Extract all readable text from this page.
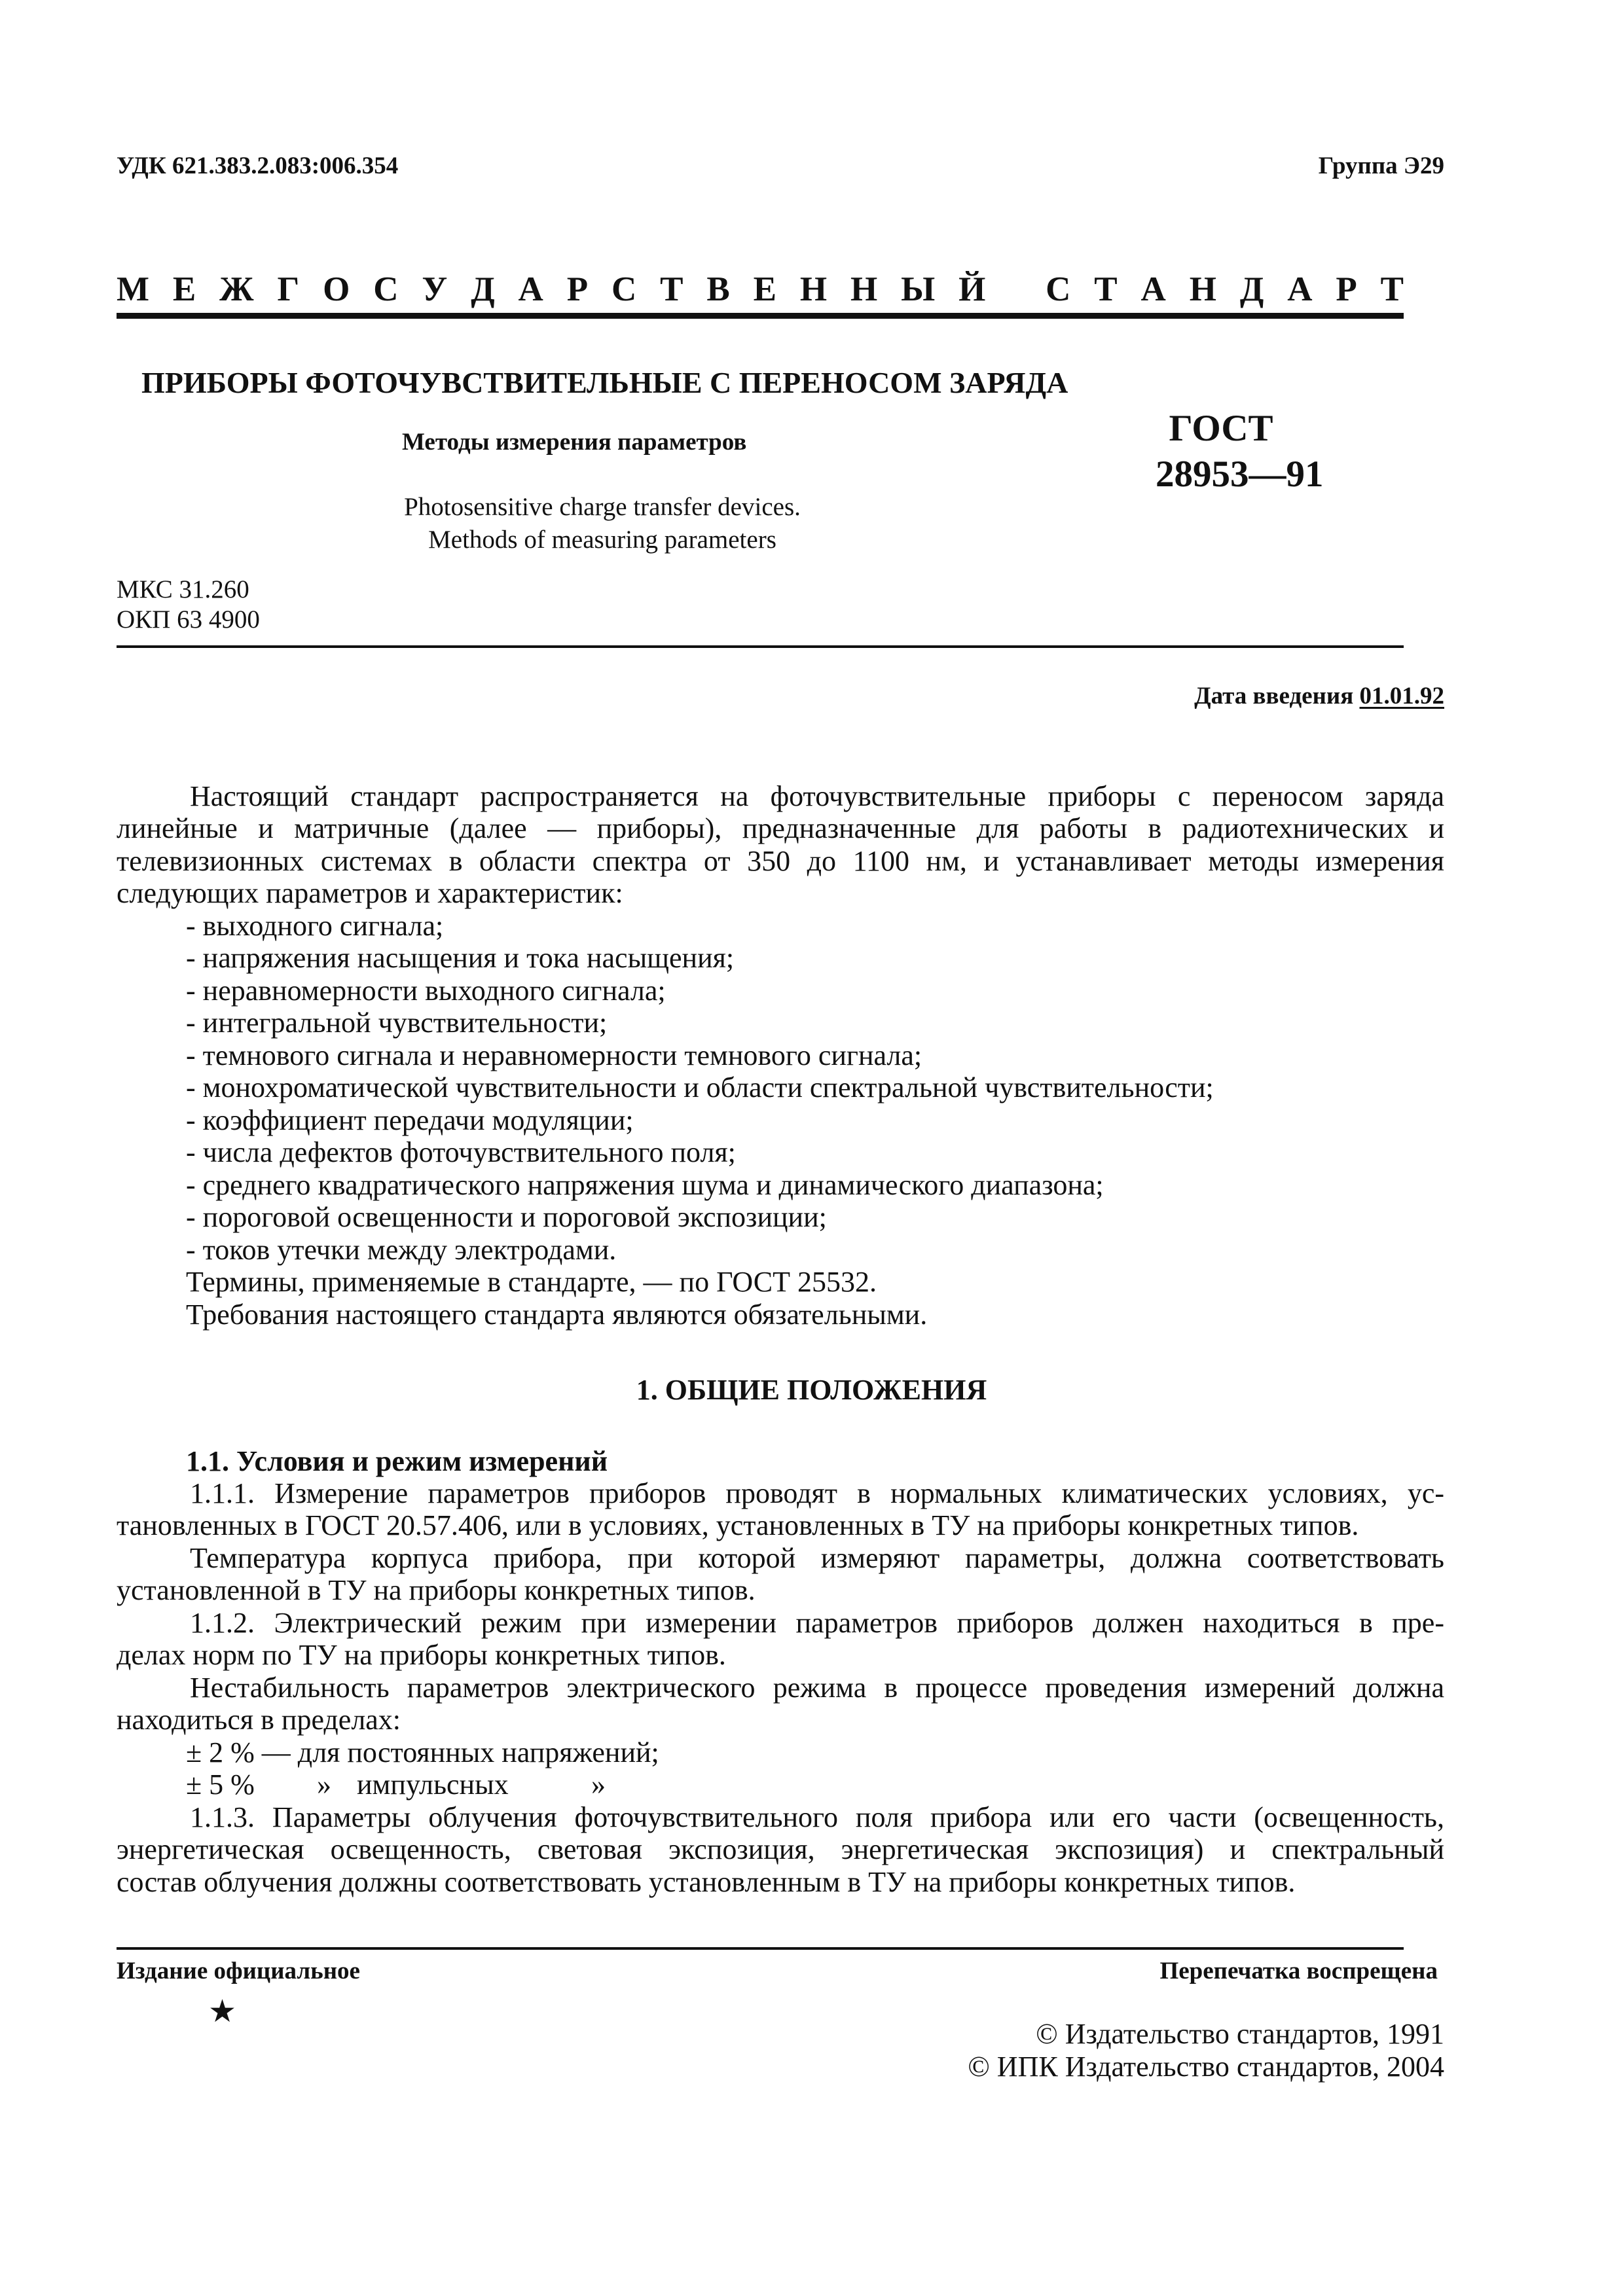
УДК 621.383.2.083:006.354	Группа Э29
М Е Ж Г О С У Д А Р С Т В Е Н Н Ы Й С Т А Н Д А Р Т
ПРИБОРЫ ФОТОЧУВСТВИТЕЛЬНЫЕ С ПЕРЕНОСОМ ЗАРЯДА
Методы измерения параметров	ГОСТ
28953—91
Photosensitive charge transfer devices.
Methods of measuring parameters
МКС 31.260
ОКП 63 4900
Дата введения 01.01.92
Настоящий стандарт распространяется на фоточувствительные приборы с переносом заряда
линейные и матричные (далее — приборы), предназначенные для работы в радиотехнических и
телевизионных системах в области спектра от 350 до 1100 нм, и устанавливает методы измерения
следующих параметров и характеристик:
- выходного сигнала;
- напряжения насыщения и тока насыщения;
- неравномерности выходного сигнала;
- интегральной чувствительности;
- темнового сигнала и неравномерности темнового сигнала;
- монохроматической чувствительности и области спектральной чувствительности;
- коэффициент передачи модуляции;
- числа дефектов фоточувствительного поля;
- среднего квадратического напряжения шума и динамического диапазона;
- пороговой освещенности и пороговой экспозиции;
- токов утечки между электродами.
Термины, применяемые в стандарте, — по ГОСТ 25532.
Требования настоящего стандарта являются обязательными.
1. ОБЩИЕ ПОЛОЖЕНИЯ
1.1. Условия и режим измерений
1.1.1. Измерение параметров приборов проводят в нормальных климатических условиях, ус-
тановленных в ГОСТ 20.57.406, или в условиях, установленных в ТУ на приборы конкретных типов.
Температура корпуса прибора, при которой измеряют параметры, должна соответствовать
установленной в ТУ на приборы конкретных типов.
1.1.2. Электрический режим при измерении параметров приборов должен находиться в пре-
делах норм по ТУ на приборы конкретных типов.
Нестабильность параметров электрического режима в процессе проведения измерений должна
находиться в пределах:
± 2 % — для постоянных напряжений;
± 5 % » импульсных	»
1.1.3. Параметры облучения фоточувствительного поля прибора или его части (освещенность,
энергетическая освещенность, световая экспозиция, энергетическая экспозиция) и спектральный
состав облучения должны соответствовать установленным в ТУ на приборы конкретных типов.
Издание официальное	Перепечатка воспрещена
★
© Издательство стандартов, 1991
© ИПК Издательство стандартов, 2004
